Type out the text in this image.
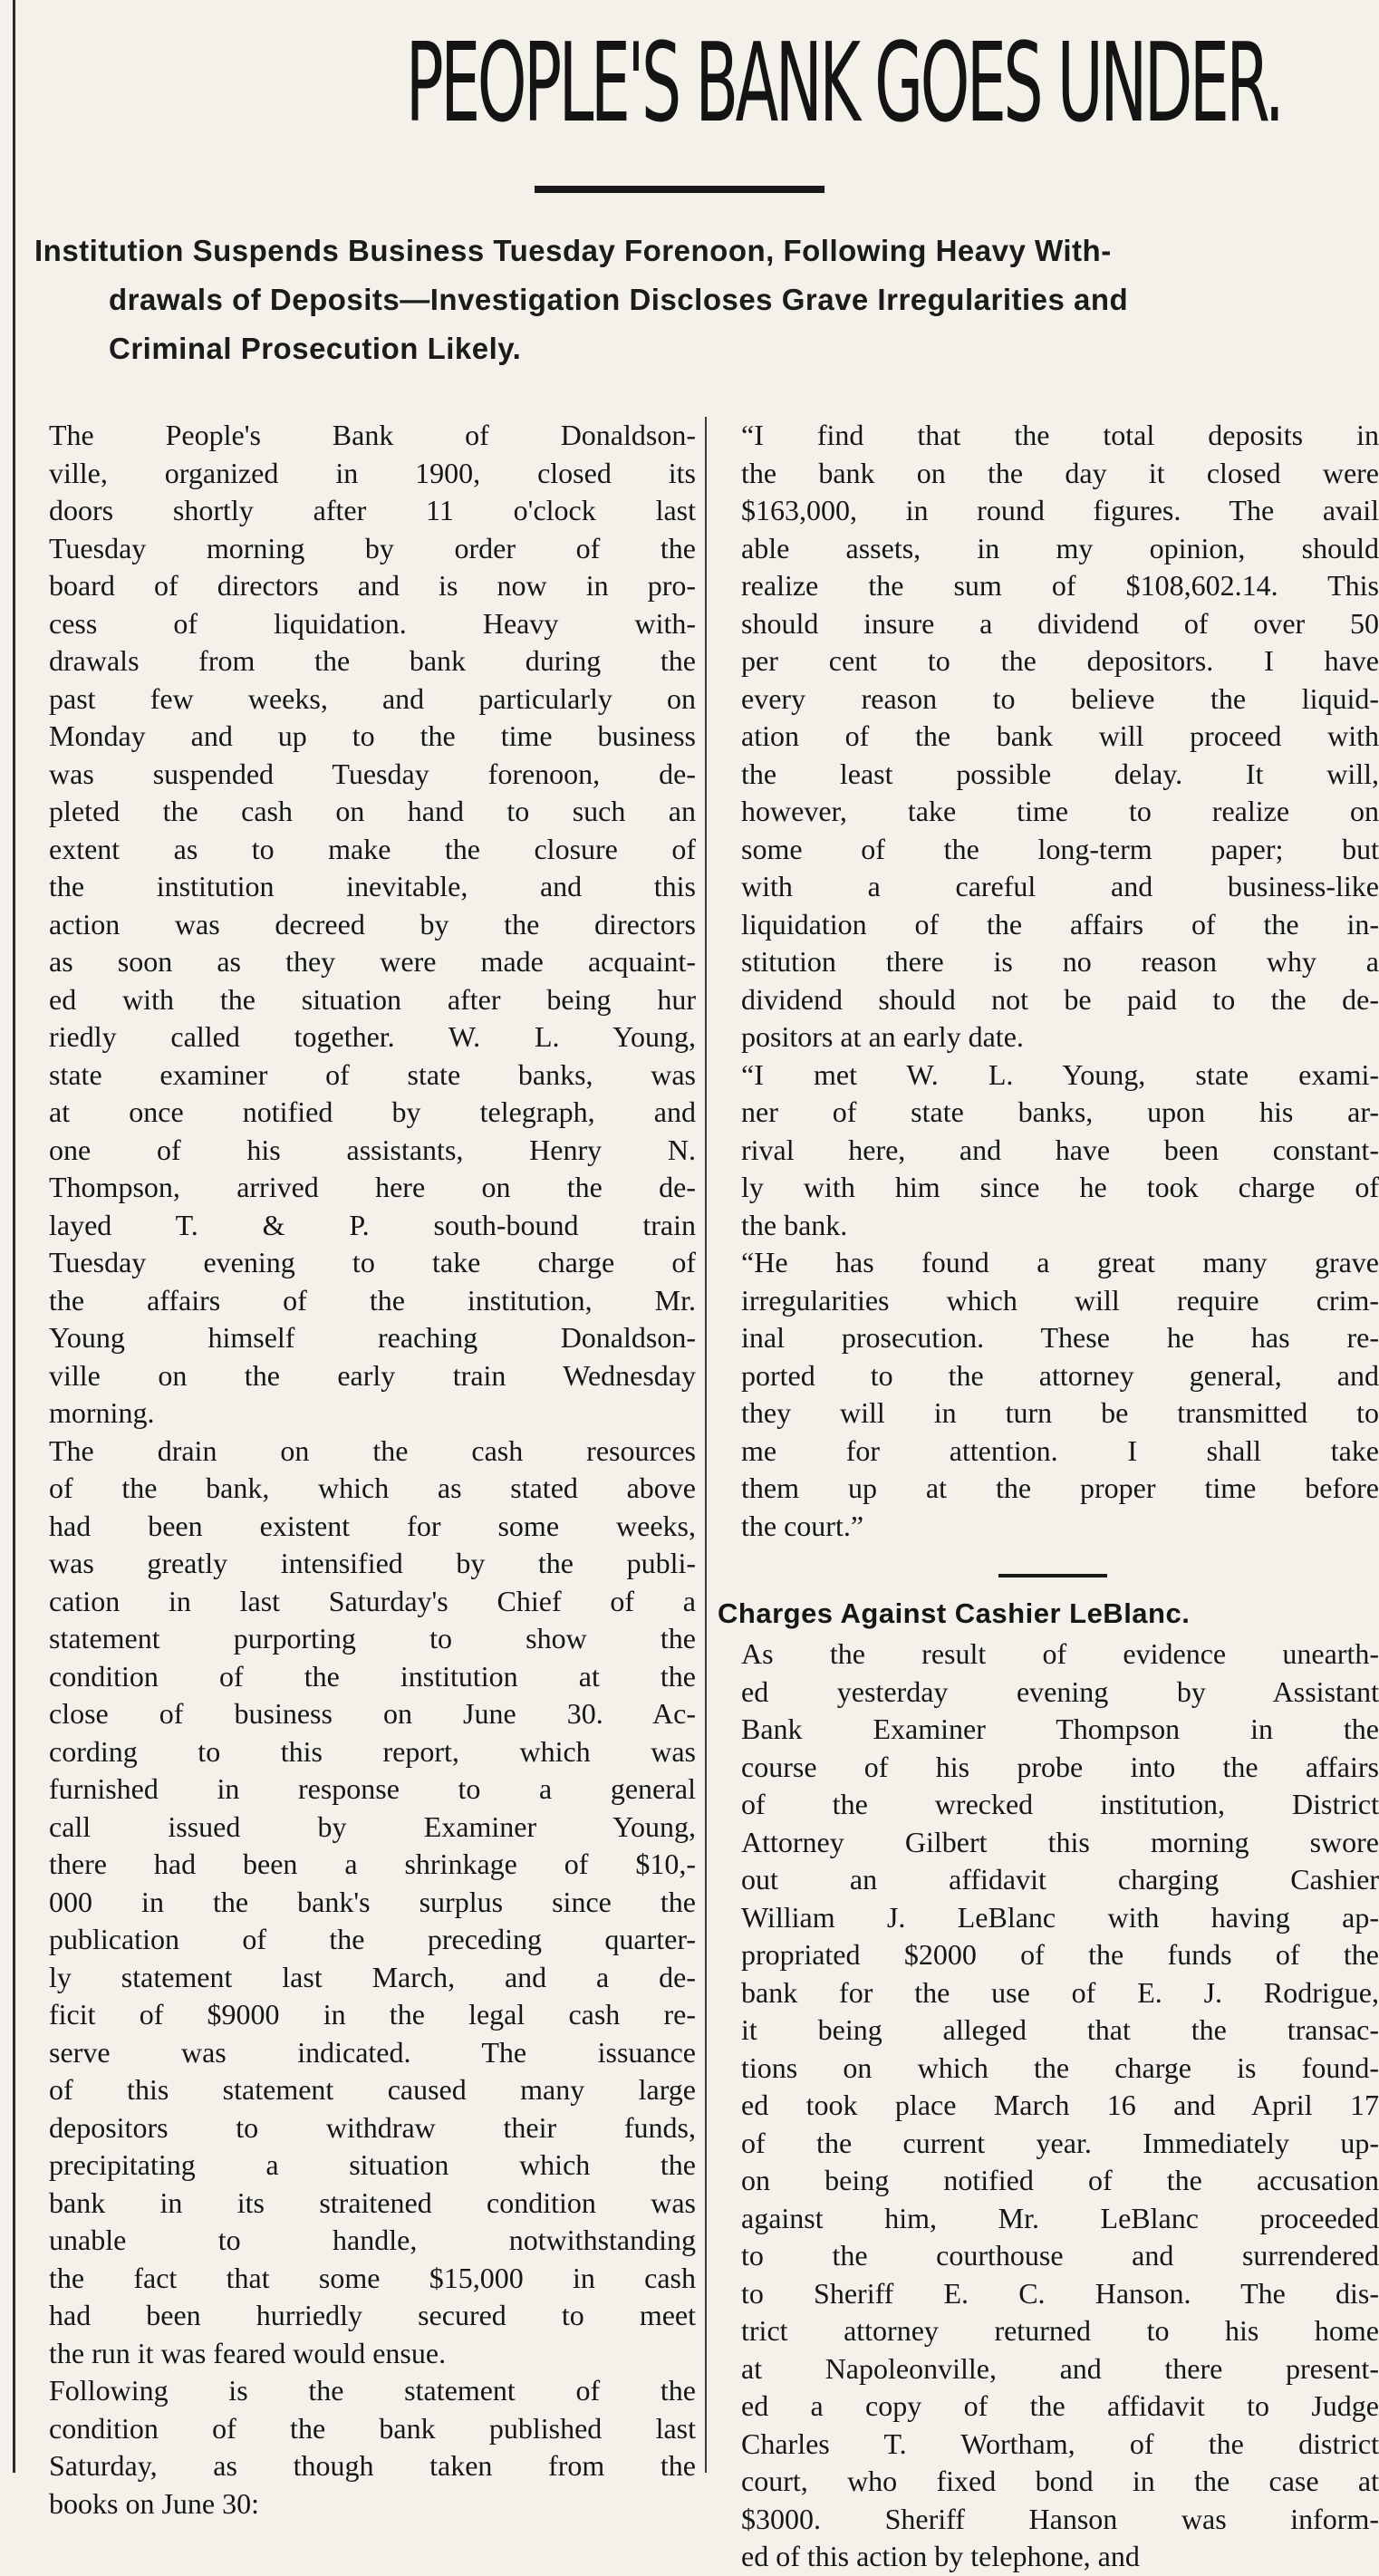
PEOPLE'S BANK GOES UNDER.
Institution Suspends Business Tuesday Forenoon, Following Heavy With-
drawals of Deposits—Investigation Discloses Grave Irregularities and
Criminal Prosecution Likely.

The People's Bank of Donaldson-
ville, organized in 1900, closed its
doors shortly after 11 o'clock last
Tuesday morning by order of the
board of directors and is now in pro-
cess of liquidation. Heavy with-
drawals from the bank during the
past few weeks, and particularly on
Monday and up to the time business
was suspended Tuesday forenoon, de-
pleted the cash on hand to such an
extent as to make the closure of
the institution inevitable, and this
action was decreed by the directors
as soon as they were made acquaint-
ed with the situation after being hur
riedly called together. W. L. Young,
state examiner of state banks, was
at once notified by telegraph, and
one of his assistants, Henry N.
Thompson, arrived here on the de-
layed T. & P. south-bound train
Tuesday evening to take charge of
the affairs of the institution, Mr.
Young himself reaching Donaldson-
ville on the early train Wednesday
morning.

The drain on the cash resources
of the bank, which as stated above
had been existent for some weeks,
was greatly intensified by the publi-
cation in last Saturday's Chief of a
statement purporting to show the
condition of the institution at the
close of business on June 30. Ac-
cording to this report, which was
furnished in response to a general
call issued by Examiner Young,
there had been a shrinkage of $10,-
000 in the bank's surplus since the
publication of the preceding quarter-
ly statement last March, and a de-
ficit of $9000 in the legal cash re-
serve was indicated. The issuance
of this statement caused many large
depositors to withdraw their funds,
precipitating a situation which the
bank in its straitened condition was
unable to handle, notwithstanding
the fact that some $15,000 in cash
had been hurriedly secured to meet
the run it was feared would ensue.

Following is the statement of the
condition of the bank published last
Saturday, as though taken from the
books on June 30:

“I find that the total deposits in
the bank on the day it closed were
$163,000, in round figures. The avail
able assets, in my opinion, should
realize the sum of $108,602.14. This
should insure a dividend of over 50
per cent to the depositors. I have
every reason to believe the liquid-
ation of the bank will proceed with
the least possible delay. It will,
however, take time to realize on
some of the long-term paper; but
with a careful and business-like
liquidation of the affairs of the in-
stitution there is no reason why a
dividend should not be paid to the de-
positors at an early date.

“I met W. L. Young, state exami-
ner of state banks, upon his ar-
rival here, and have been constant-
ly with him since he took charge of
the bank.

“He has found a great many grave
irregularities which will require crim-
inal prosecution. These he has re-
ported to the attorney general, and
they will in turn be transmitted to
me for attention. I shall take
them up at the proper time before
the court.”

Charges Against Cashier LeBlanc.

As the result of evidence unearth-
ed yesterday evening by Assistant
Bank Examiner Thompson in the
course of his probe into the affairs
of the wrecked institution, District
Attorney Gilbert this morning swore
out an affidavit charging Cashier
William J. LeBlanc with having ap-
propriated $2000 of the funds of the
bank for the use of E. J. Rodrigue,
it being alleged that the transac-
tions on which the charge is found-
ed took place March 16 and April 17
of the current year. Immediately up-
on being notified of the accusation
against him, Mr. LeBlanc proceeded
to the courthouse and surrendered
to Sheriff E. C. Hanson. The dis-
trict attorney returned to his home
at Napoleonville, and there present-
ed a copy of the affidavit to Judge
Charles T. Wortham, of the district
court, who fixed bond in the case at
$3000. Sheriff Hanson was inform-
ed of this action by telephone, and
